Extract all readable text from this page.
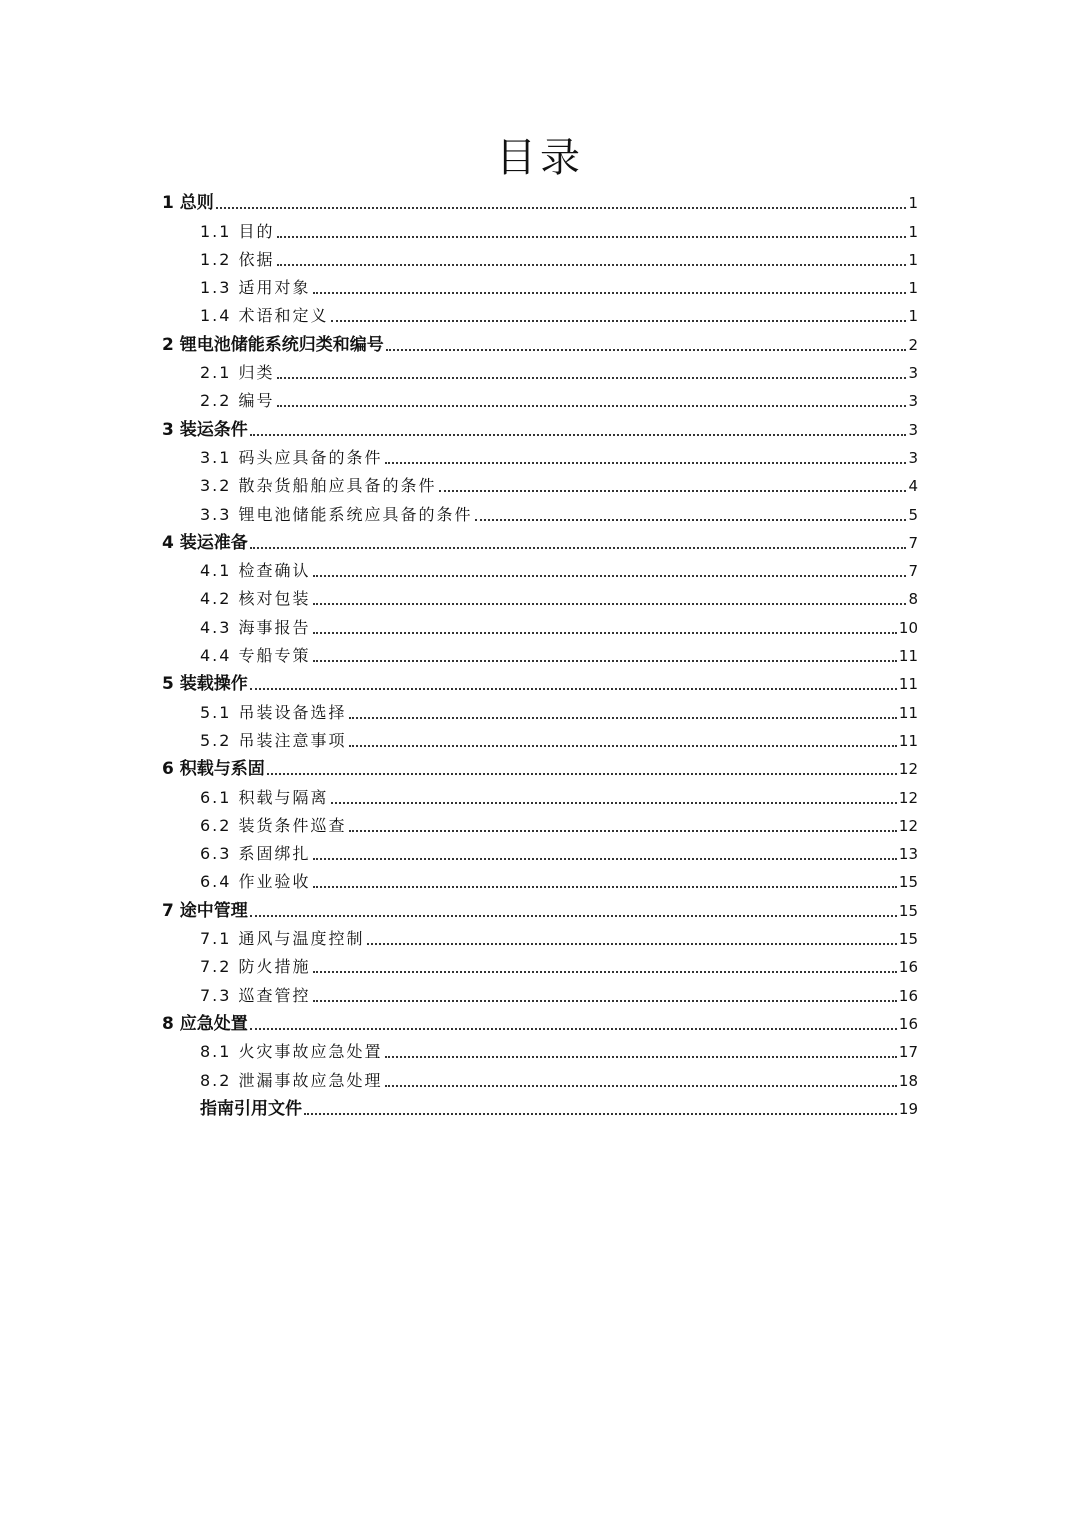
目录
1 总则	1
1.1 目的	1
1.2 依据	1
1.3 适用对象	1
1.4 术语和定义	1
2 锂电池储能系统归类和编号	2
2.1 归类	3
2.2 编号	3
3 装运条件	3
3.1 码头应具备的条件	3
3.2 散杂货船舶应具备的条件	4
3.3 锂电池储能系统应具备的条件	5
4 装运准备	7
4.1 检查确认	7
4.2 核对包装	8
4.3 海事报告	10
4.4 专船专策	11
5 装载操作	11
5.1 吊装设备选择	11
5.2 吊装注意事项	11
6 积载与系固	12
6.1 积载与隔离	12
6.2 装货条件巡查	12
6.3 系固绑扎	13
6.4 作业验收	15
7 途中管理	15
7.1 通风与温度控制	15
7.2 防火措施	16
7.3 巡查管控	16
8 应急处置	16
8.1 火灾事故应急处置	17
8.2 泄漏事故应急处理	18
指南引用文件	19
